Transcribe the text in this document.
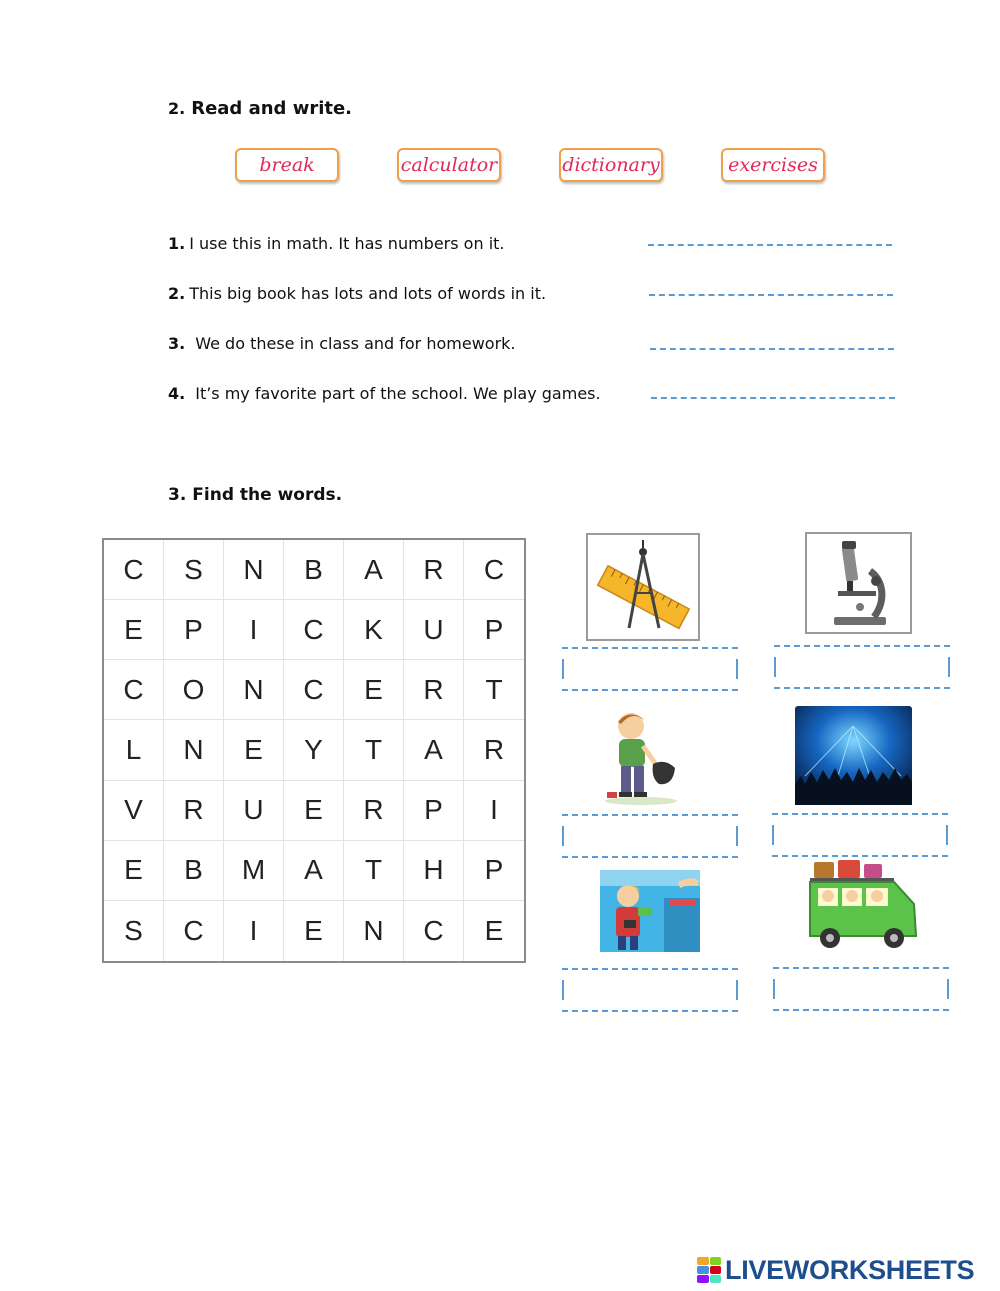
2. Read and write.
break	calculator	dictionary	exercises
1. I use this in math. It has numbers on it.
2. This big book has lots and lots of words in it.
3. We do these in class and for homework.
4. It’s my favorite part of the school. We play games.
3. Find the words.
C	S	N	B	A	R	C
E	P	I	C	K	U	P
C	O	N	C	E	R	T
L	N	E	Y	T	A	R
V	R	U	E	R	P	I
E	B	M	A	T	H	P
S	C	I	E	N	C	E
LIVEWORKSHEETS
